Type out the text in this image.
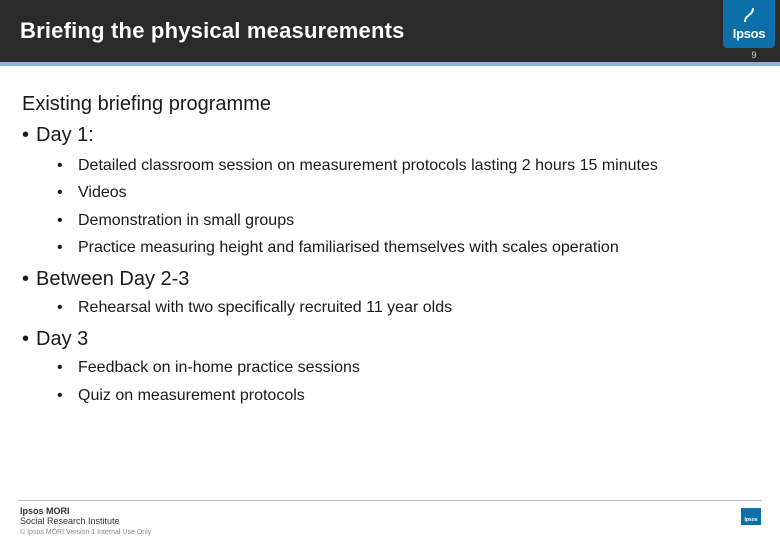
Briefing the physical measurements	Ipsos
9
Existing briefing programme
• Day 1:
• Detailed classroom session on measurement protocols lasting 2 hours 15 minutes
• Videos
• Demonstration in small groups
• Practice measuring height and familiarised themselves with scales operation
• Between Day 2-3
• Rehearsal with two specifically recruited 11 year olds
• Day 3
• Feedback on in-home practice sessions
• Quiz on measurement protocols
Ipsos MORI
Social Research Institute
© Ipsos MORI Version 1 Internal Use Only
Ipsos
